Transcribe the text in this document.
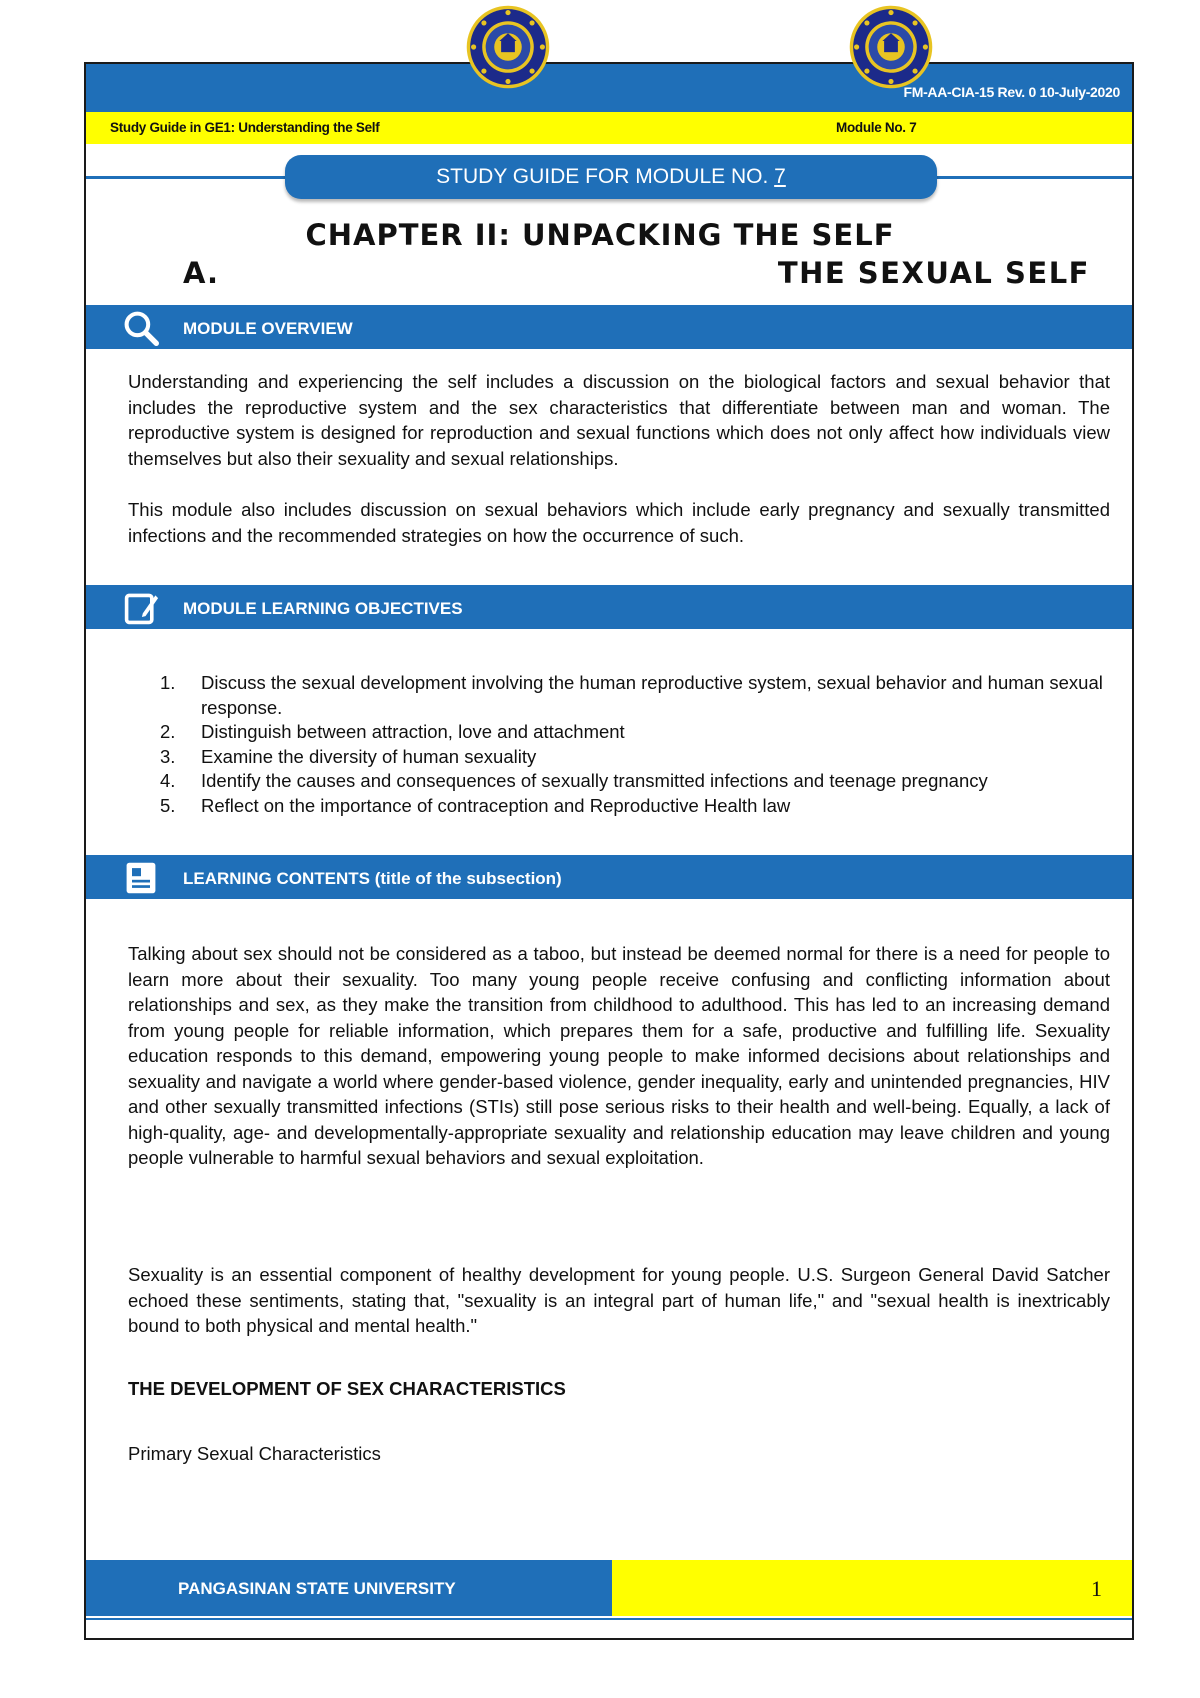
FM-AA-CIA-15 Rev. 0 10-July-2020
Study Guide in GE1: Understanding the Self	Module No. 7
STUDY GUIDE FOR MODULE NO. 7
CHAPTER II: UNPACKING THE SELF
A.	THE SEXUAL SELF
MODULE OVERVIEW
Understanding and experiencing the self includes a discussion on the biological factors and sexual behavior that includes the reproductive system and the sex characteristics that differentiate between man and woman. The reproductive system is designed for reproduction and sexual functions which does not only affect how individuals view themselves but also their sexuality and sexual relationships.
This module also includes discussion on sexual behaviors which include early pregnancy and sexually transmitted infections and the recommended strategies on how the occurrence of such.
MODULE LEARNING OBJECTIVES
1. Discuss the sexual development involving the human reproductive system, sexual behavior and human sexual response.
2. Distinguish between attraction, love and attachment
3. Examine the diversity of human sexuality
4. Identify the causes and consequences of sexually transmitted infections and teenage pregnancy
5. Reflect on the importance of contraception and Reproductive Health law
LEARNING CONTENTS (title of the subsection)
Talking about sex should not be considered as a taboo, but instead be deemed normal for there is a need for people to learn more about their sexuality. Too many young people receive confusing and conflicting information about relationships and sex, as they make the transition from childhood to adulthood. This has led to an increasing demand from young people for reliable information, which prepares them for a safe, productive and fulfilling life. Sexuality education responds to this demand, empowering young people to make informed decisions about relationships and sexuality and navigate a world where gender-based violence, gender inequality, early and unintended pregnancies, HIV and other sexually transmitted infections (STIs) still pose serious risks to their health and well-being. Equally, a lack of high-quality, age- and developmentally-appropriate sexuality and relationship education may leave children and young people vulnerable to harmful sexual behaviors and sexual exploitation.
Sexuality is an essential component of healthy development for young people. U.S. Surgeon General David Satcher echoed these sentiments, stating that, "sexuality is an integral part of human life," and "sexual health is inextricably bound to both physical and mental health."
THE DEVELOPMENT OF SEX CHARACTERISTICS
Primary Sexual Characteristics
PANGASINAN STATE UNIVERSITY	1
